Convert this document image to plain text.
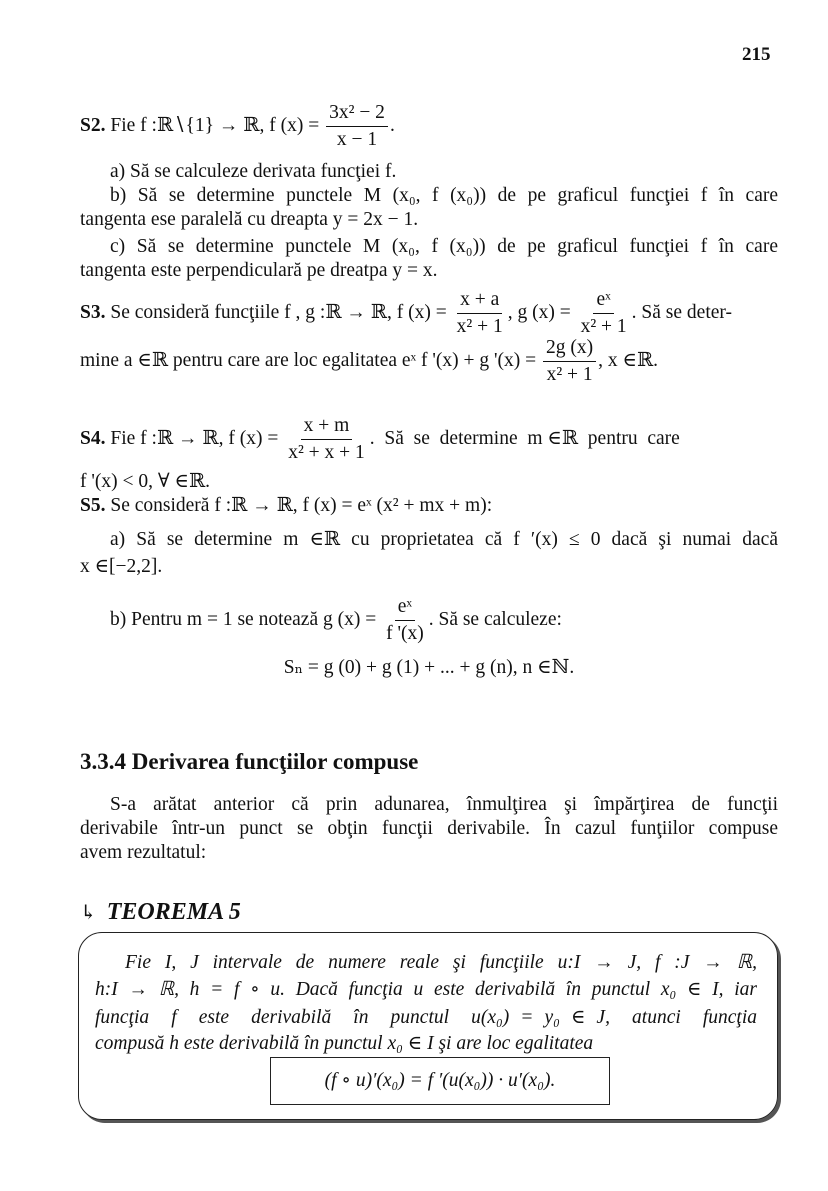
215
S2. Fie f :ℝ∖{1} → ℝ, f $(x) = \frac{\text{3x² − 2}}{x - 1}$ .
a) Să se calculeze derivata funcţiei f.
b) Să se determine punctele M (x₀, f (x₀)) de pe graficul funcţiei f în care
tangenta ese paralelă cu dreapta y = 2x − 1.
c) Să se determine punctele M (x₀, f (x₀)) de pe graficul funcţiei f în care
tangenta este perpendiculară pe dreatpa y = x.
S3. Se consideră funcţiile f , g :ℝ → ℝ, f $(x) = \frac{x + a}{\text{x² + 1}}$ , g $(x) = \frac{\text{eˣ}}{\text{x² + 1}}$ . Să se deter-
mine a ∈ℝ pentru care are loc egalitatea eˣ f '(x) + g '$(x) = \frac{2g (x)}{\text{x² + 1}}$ , x ∈ℝ.
S4. Fie f :ℝ → ℝ, f $(x) = \frac{x + m}{\text{x² + x + 1}}$ .  Să  se  determine  m ∈ℝ  pentru  care
f '(x) < 0, ∀ ∈ℝ.
S5. Se consideră f :ℝ → ℝ, f (x) = eˣ (x² + mx + m):
a) Să se determine m ∈ℝ cu proprietatea că f ′(x) ≤ 0 dacă şi numai dacă
x ∈[−2,2].
b) Pentru m = 1 se notează g $(x) = \frac{\text{eˣ}}{f '(x)}$ . Să se calculeze:
Sₙ = g (0) + g (1) + ... + g (n), n ∈ℕ.
3.3.4 Derivarea funcţiilor compuse
S-a arătat anterior că prin adunarea, înmulţirea şi împărţirea de funcţii
derivabile într-un punct se obţin funcţii derivabile. În cazul funţiilor compuse
avem rezultatul:
↳ TEOREMA 5
Fie I, J intervale de numere reale şi funcţiile u:I → J, f :J → ℝ,
h:I → ℝ, h = f ∘ u. Dacă funcţia u este derivabilă în punctul x₀ ∈ I, iar
funcţia  f  este  derivabilă  în  punctul  u(x₀) = y₀ ∈ J,  atunci  funcţia
compusă h este derivabilă în punctul x₀ ∈ I şi are loc egalitatea
(f ∘ u)′(x₀) = f ′(u(x₀)) · u′(x₀).
